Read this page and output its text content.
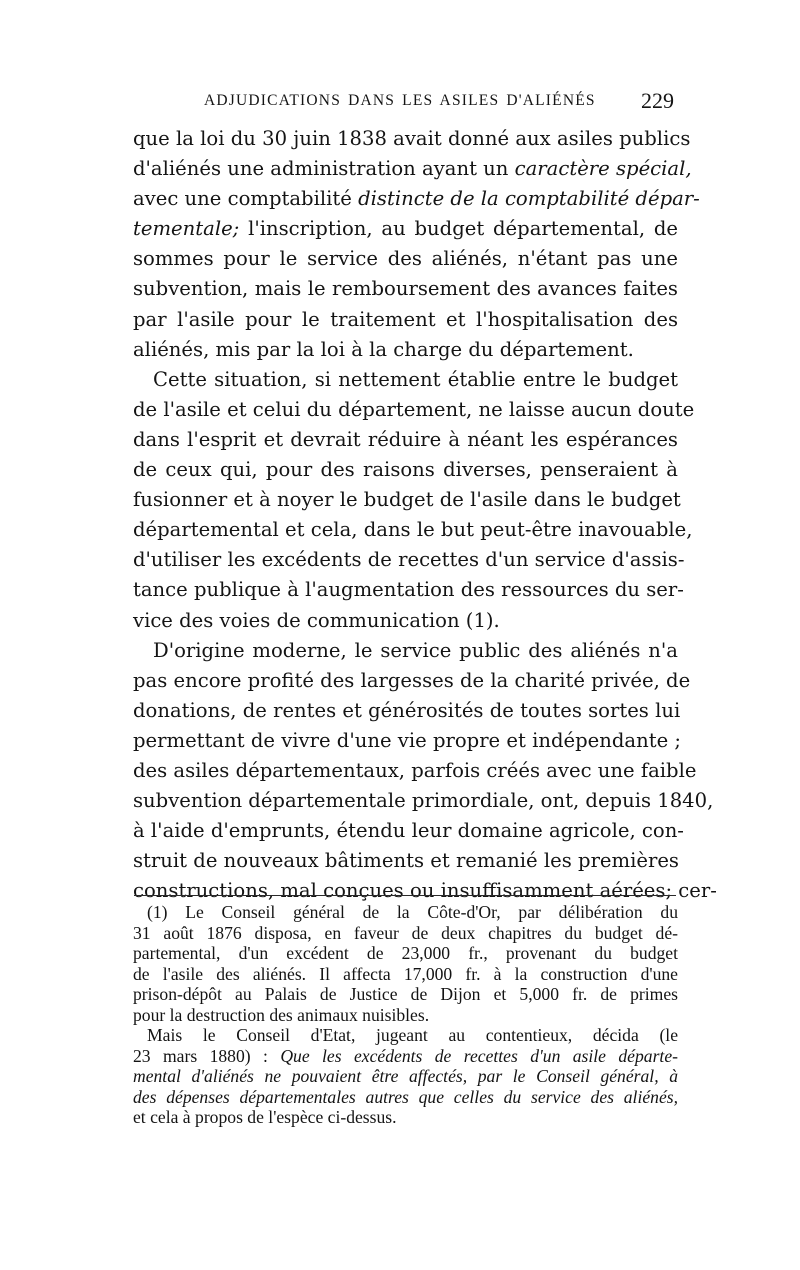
ADJUDICATIONS DANS LES ASILES D'ALIÉNÉS 229
que la loi du 30 juin 1838 avait donné aux asiles publics
d'aliénés une administration ayant un caractère spécial,
avec une comptabilité distincte de la comptabilité dépar-
tementale; l'inscription, au budget départemental, de
sommes pour le service des aliénés, n'étant pas une
subvention, mais le remboursement des avances faites
par l'asile pour le traitement et l'hospitalisation des
aliénés, mis par la loi à la charge du département.
Cette situation, si nettement établie entre le budget
de l'asile et celui du département, ne laisse aucun doute
dans l'esprit et devrait réduire à néant les espérances
de ceux qui, pour des raisons diverses, penseraient à
fusionner et à noyer le budget de l'asile dans le budget
départemental et cela, dans le but peut-être inavouable,
d'utiliser les excédents de recettes d'un service d'assis-
tance publique à l'augmentation des ressources du ser-
vice des voies de communication (1).
D'origine moderne, le service public des aliénés n'a
pas encore profité des largesses de la charité privée, de
donations, de rentes et générosités de toutes sortes lui
permettant de vivre d'une vie propre et indépendante ;
des asiles départementaux, parfois créés avec une faible
subvention départementale primordiale, ont, depuis 1840,
à l'aide d'emprunts, étendu leur domaine agricole, con-
struit de nouveaux bâtiments et remanié les premières
constructions, mal conçues ou insuffisamment aérées; cer-
(1) Le Conseil général de la Côte-d'Or, par délibération du
31 août 1876 disposa, en faveur de deux chapitres du budget dé-
partemental, d'un excédent de 23,000 fr., provenant du budget
de l'asile des aliénés. Il affecta 17,000 fr. à la construction d'une
prison-dépôt au Palais de Justice de Dijon et 5,000 fr. de primes
pour la destruction des animaux nuisibles.
Mais le Conseil d'Etat, jugeant au contentieux, décida (le
23 mars 1880) : Que les excédents de recettes d'un asile départe-
mental d'aliénés ne pouvaient être affectés, par le Conseil général, à
des dépenses départementales autres que celles du service des aliénés,
et cela à propos de l'espèce ci-dessus.
